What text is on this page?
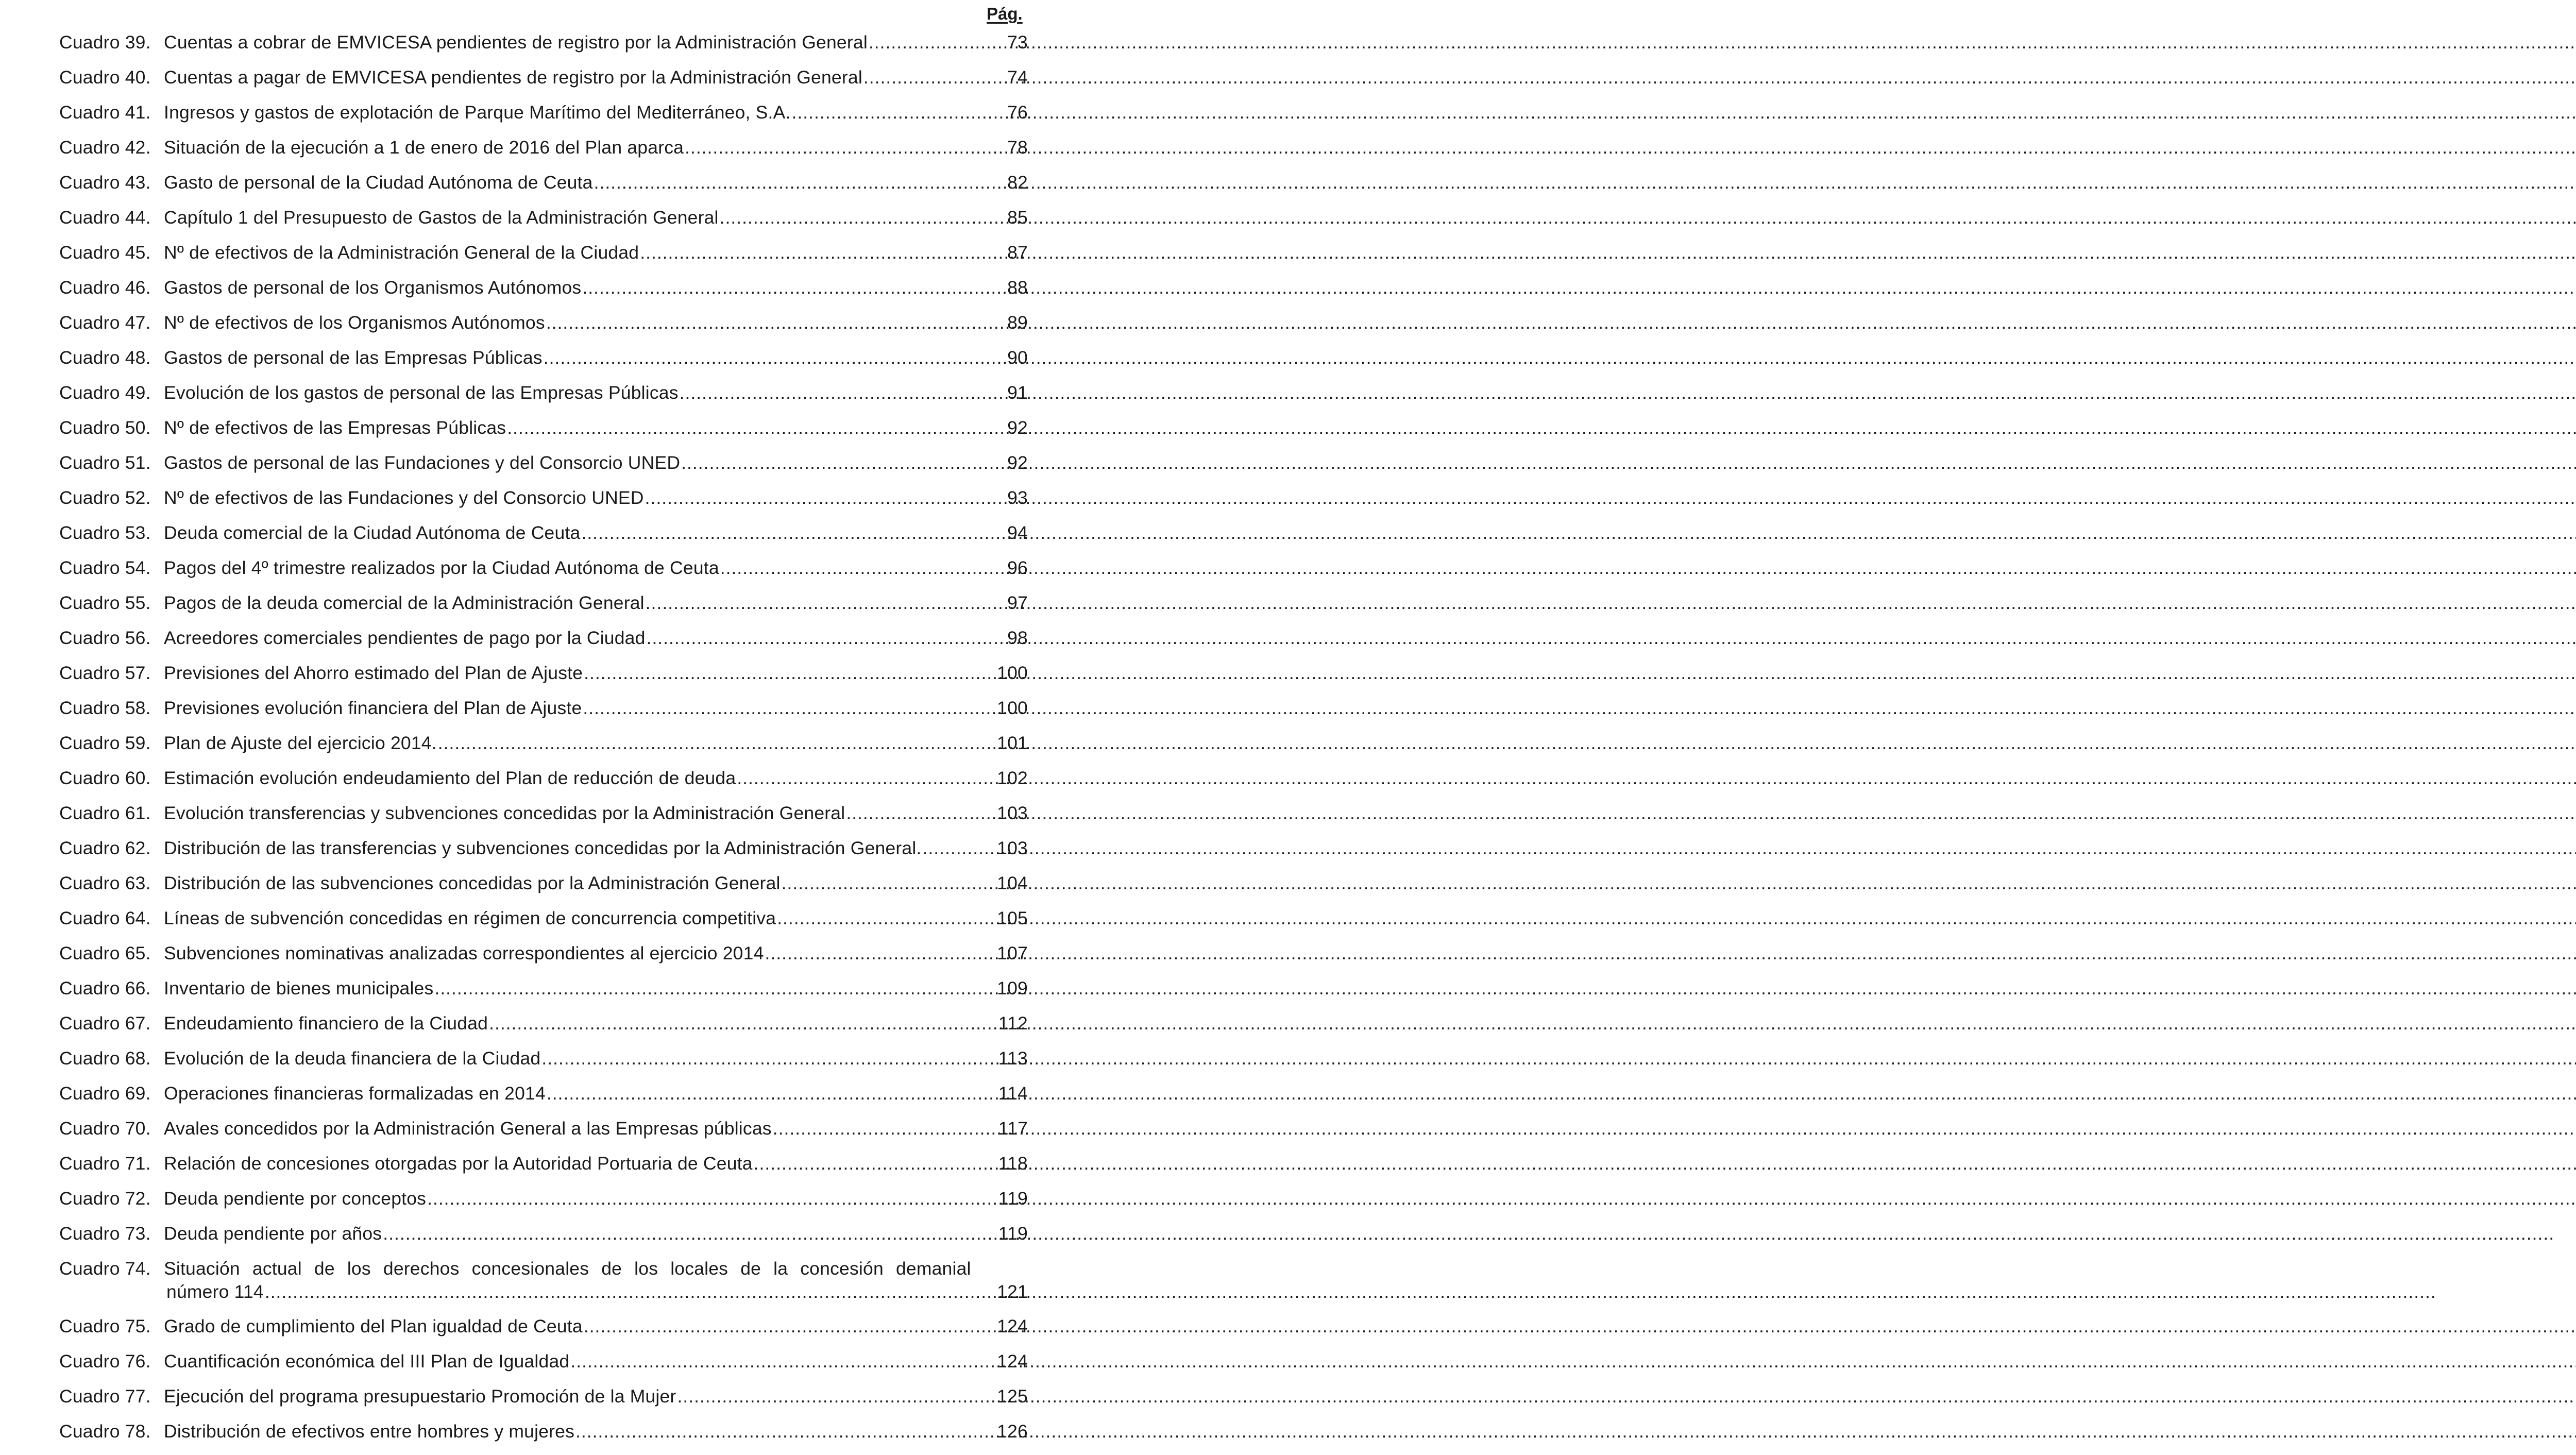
Pág.
Cuadro 39. Cuentas a cobrar de EMVICESA pendientes de registro por la Administración General .....	73
Cuadro 40. Cuentas a pagar de EMVICESA pendientes de registro por la Administración General .....	74
Cuadro 41. Ingresos y gastos de explotación de Parque Marítimo del Mediterráneo, S.A. .....	76
Cuadro 42. Situación de la ejecución a 1 de enero de 2016 del Plan aparca .....	78
Cuadro 43. Gasto de personal de la Ciudad Autónoma de Ceuta .....	82
Cuadro 44. Capítulo 1 del Presupuesto de Gastos de la Administración General .....	85
Cuadro 45. Nº de efectivos de la Administración General de la Ciudad .....	87
Cuadro 46. Gastos de personal de los Organismos Autónomos .....	88
Cuadro 47. Nº de efectivos de los Organismos Autónomos .....	89
Cuadro 48. Gastos de personal de las Empresas Públicas .....	90
Cuadro 49. Evolución de los gastos de personal de las Empresas Públicas .....	91
Cuadro 50. Nº de efectivos de las Empresas Públicas .....	92
Cuadro 51. Gastos de personal de las Fundaciones y del Consorcio UNED .....	92
Cuadro 52. Nº de efectivos de las Fundaciones y del Consorcio UNED .....	93
Cuadro 53. Deuda comercial de la Ciudad Autónoma de Ceuta .....	94
Cuadro 54. Pagos del 4º trimestre realizados por la Ciudad Autónoma de Ceuta .....	96
Cuadro 55. Pagos de la deuda comercial de la Administración General .....	97
Cuadro 56. Acreedores comerciales pendientes de pago por la Ciudad .....	98
Cuadro 57. Previsiones del Ahorro estimado del Plan de Ajuste .....	100
Cuadro 58. Previsiones evolución financiera del Plan de Ajuste .....	100
Cuadro 59. Plan de Ajuste del ejercicio 2014. .....	101
Cuadro 60. Estimación evolución endeudamiento del Plan de reducción de deuda .....	102
Cuadro 61. Evolución transferencias y subvenciones concedidas por la Administración General .....	103
Cuadro 62. Distribución de las transferencias y subvenciones concedidas por la Administración General. .....	103
Cuadro 63. Distribución de las subvenciones concedidas por la Administración General .....	104
Cuadro 64. Líneas de subvención concedidas en régimen de concurrencia competitiva .....	105
Cuadro 65. Subvenciones nominativas analizadas correspondientes al ejercicio 2014 .....	107
Cuadro 66. Inventario de bienes municipales .....	109
Cuadro 67. Endeudamiento financiero de la Ciudad .....	112
Cuadro 68. Evolución de la deuda financiera de la Ciudad .....	113
Cuadro 69. Operaciones financieras formalizadas en 2014 .....	114
Cuadro 70. Avales concedidos por la Administración General a las Empresas públicas .....	117
Cuadro 71. Relación de concesiones otorgadas por la Autoridad Portuaria de Ceuta .....	118
Cuadro 72. Deuda pendiente por conceptos .....	119
Cuadro 73. Deuda pendiente por años .....	119
Cuadro 74. Situación actual de los derechos concesionales de los locales de la concesión demanial
número 114 .....	121
Cuadro 75. Grado de cumplimiento del Plan igualdad de Ceuta .....	124
Cuadro 76. Cuantificación económica del III Plan de Igualdad .....	124
Cuadro 77. Ejecución del programa presupuestario Promoción de la Mujer .....	125
Cuadro 78. Distribución de efectivos entre hombres y mujeres .....	126
